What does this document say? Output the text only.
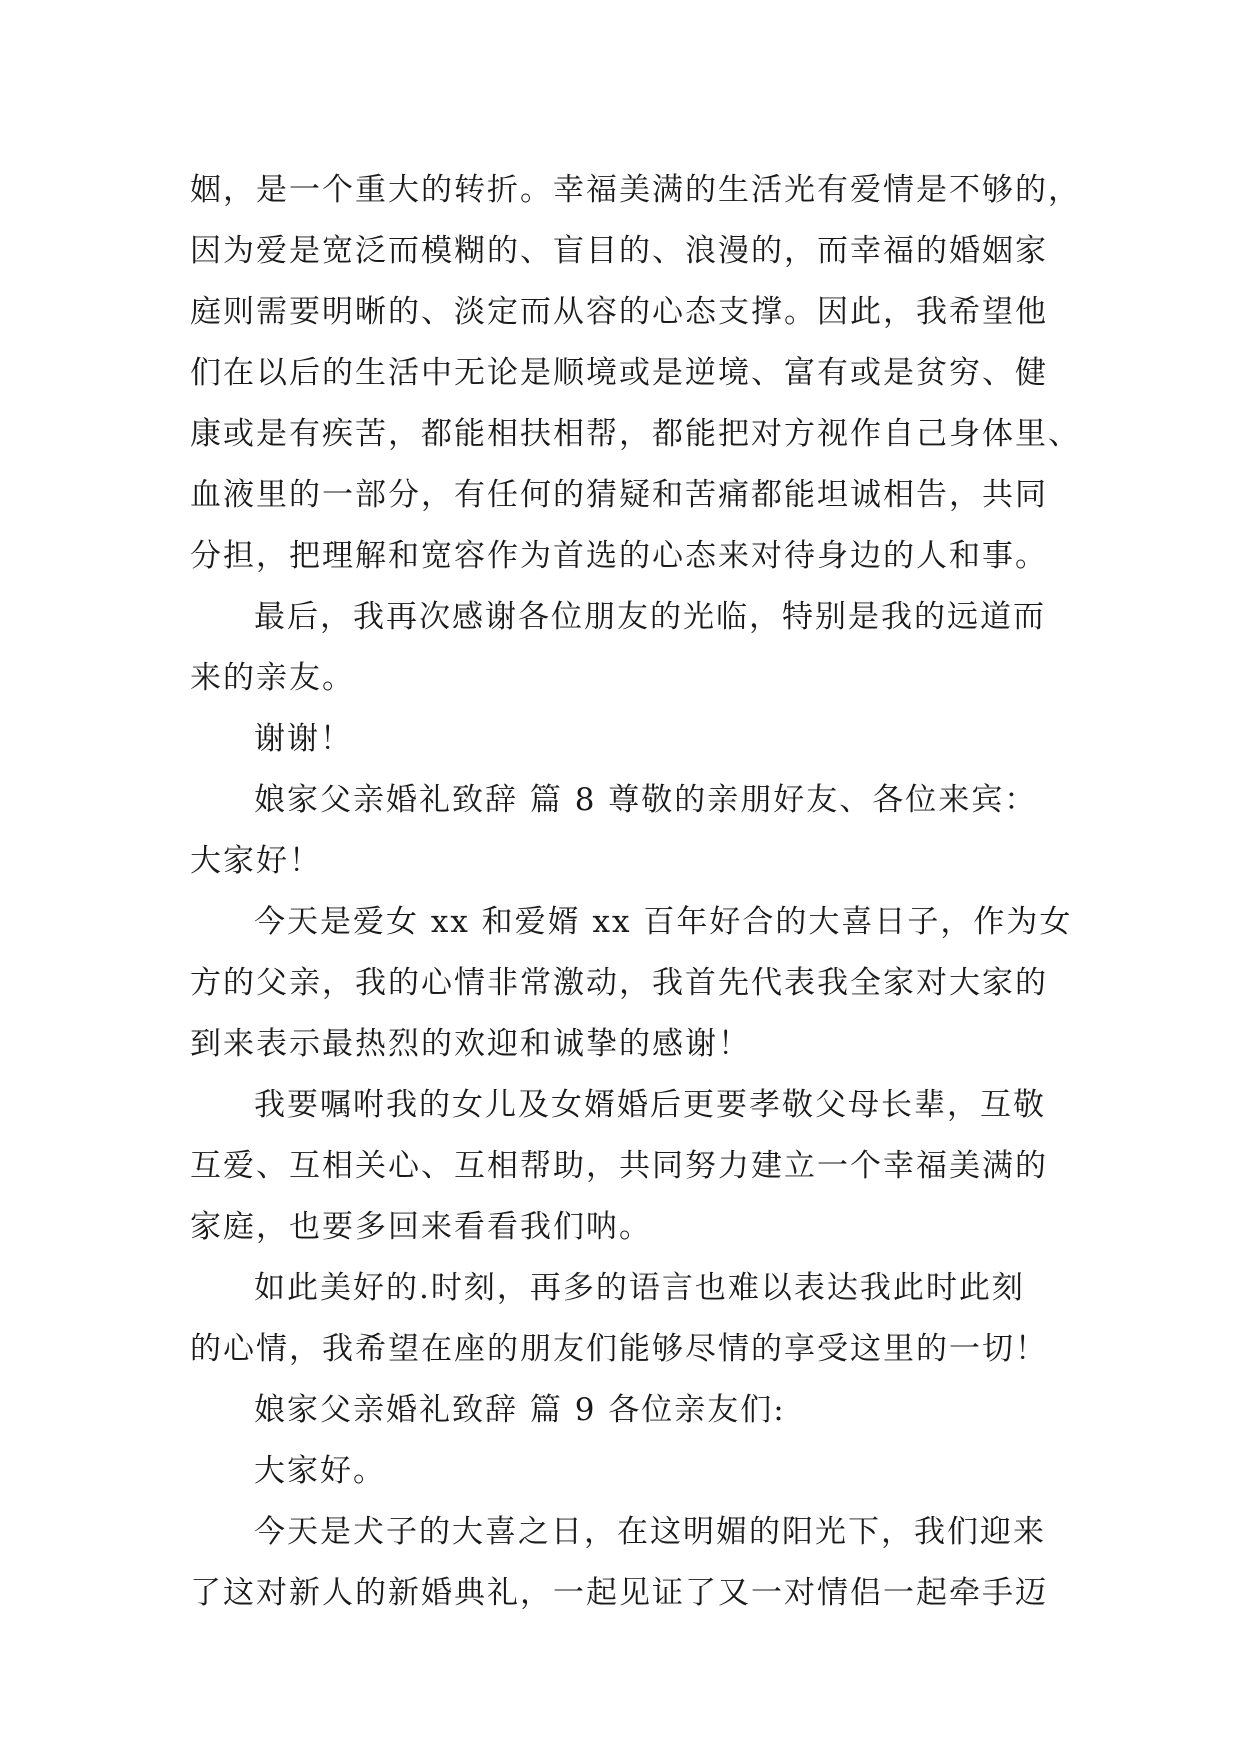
姻，是一个重大的转折。幸福美满的生活光有爱情是不够的，
因为爱是宽泛而模糊的、盲目的、浪漫的，而幸福的婚姻家
庭则需要明晰的、淡定而从容的心态支撑。因此，我希望他
们在以后的生活中无论是顺境或是逆境、富有或是贫穷、健
康或是有疾苦，都能相扶相帮，都能把对方视作自己身体里、
血液里的一部分，有任何的猜疑和苦痛都能坦诚相告，共同
分担，把理解和宽容作为首选的心态来对待身边的人和事。
最后，我再次感谢各位朋友的光临，特别是我的远道而
来的亲友。
谢谢！
娘家父亲婚礼致辞 篇 8 尊敬的亲朋好友、各位来宾：
大家好！
今天是爱女 xx 和爱婿 xx 百年好合的大喜日子，作为女
方的父亲，我的心情非常激动，我首先代表我全家对大家的
到来表示最热烈的欢迎和诚挚的感谢！
我要嘱咐我的女儿及女婿婚后更要孝敬父母长辈，互敬
互爱、互相关心、互相帮助，共同努力建立一个幸福美满的
家庭，也要多回来看看我们呐。
如此美好的.时刻，再多的语言也难以表达我此时此刻
的心情，我希望在座的朋友们能够尽情的享受这里的一切！
娘家父亲婚礼致辞 篇 9 各位亲友们:
大家好。
今天是犬子的大喜之日，在这明媚的阳光下，我们迎来
了这对新人的新婚典礼，一起见证了又一对情侣一起牵手迈
